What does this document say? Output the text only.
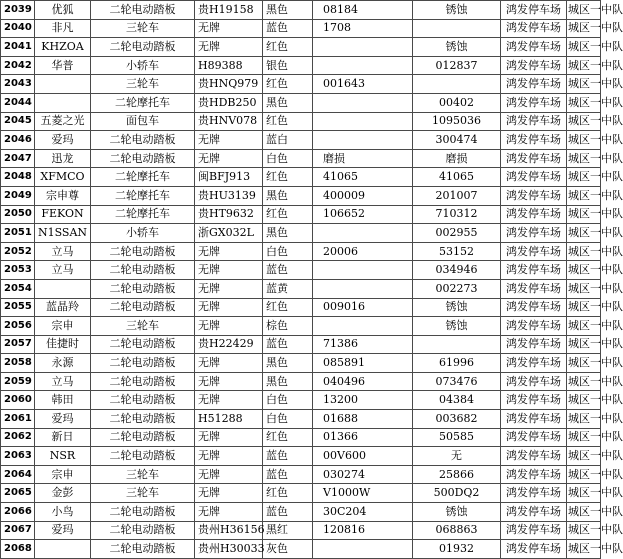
2039	优狐	二轮电动踏板	贵H19158	黑色	08184	锈蚀	鸿发停车场	城区一中队
2040	非凡	三轮车	无牌	蓝色	1708		鸿发停车场	城区一中队
2041	KHZOA	二轮电动踏板	无牌	红色		锈蚀	鸿发停车场	城区一中队
2042	华普	小轿车	H89388	银色		012837	鸿发停车场	城区一中队
2043		三轮车	贵HNQ979	红色	001643		鸿发停车场	城区一中队
2044		二轮摩托车	贵HDB250	黑色		00402	鸿发停车场	城区一中队
2045	五菱之光	面包车	贵HNV078	红色		1095036	鸿发停车场	城区一中队
2046	爱玛	二轮电动踏板	无牌	蓝白		300474	鸿发停车场	城区一中队
2047	迅龙	二轮电动踏板	无牌	白色	磨损	磨损	鸿发停车场	城区一中队
2048	XFMCO	二轮摩托车	闽BFJ913	红色	41065	41065	鸿发停车场	城区一中队
2049	宗申尊	二轮摩托车	贵HU3139	黑色	400009	201007	鸿发停车场	城区一中队
2050	FEKON	二轮摩托车	贵HT9632	红色	106652	710312	鸿发停车场	城区一中队
2051	N1SSAN	小轿车	浙GX032L	黑色		002955	鸿发停车场	城区一中队
2052	立马	二轮电动踏板	无牌	白色	20006	53152	鸿发停车场	城区一中队
2053	立马	二轮电动踏板	无牌	蓝色		034946	鸿发停车场	城区一中队
2054		二轮电动踏板	无牌	蓝黄		002273	鸿发停车场	城区一中队
2055	蓝晶羚	二轮电动踏板	无牌	红色	009016	锈蚀	鸿发停车场	城区一中队
2056	宗申	三轮车	无牌	棕色		锈蚀	鸿发停车场	城区一中队
2057	佳捷时	二轮电动踏板	贵H22429	蓝色	71386		鸿发停车场	城区一中队
2058	永源	二轮电动踏板	无牌	黑色	085891	61996	鸿发停车场	城区一中队
2059	立马	二轮电动踏板	无牌	黑色	040496	073476	鸿发停车场	城区一中队
2060	韩田	二轮电动踏板	无牌	白色	13200	04384	鸿发停车场	城区一中队
2061	爱玛	二轮电动踏板	H51288	白色	01688	003682	鸿发停车场	城区一中队
2062	新日	二轮电动踏板	无牌	红色	01366	50585	鸿发停车场	城区一中队
2063	NSR	二轮电动踏板	无牌	蓝色	00V600	无	鸿发停车场	城区一中队
2064	宗申	三轮车	无牌	蓝色	030274	25866	鸿发停车场	城区一中队
2065	金彭	三轮车	无牌	红色	V1000W	500DQ2	鸿发停车场	城区一中队
2066	小鸟	二轮电动踏板	无牌	蓝色	30C204	锈蚀	鸿发停车场	城区一中队
2067	爱玛	二轮电动踏板	贵州H36156	黑红	120816	068863	鸿发停车场	城区一中队
2068		二轮电动踏板	贵州H30033	灰色		01932	鸿发停车场	城区一中队
